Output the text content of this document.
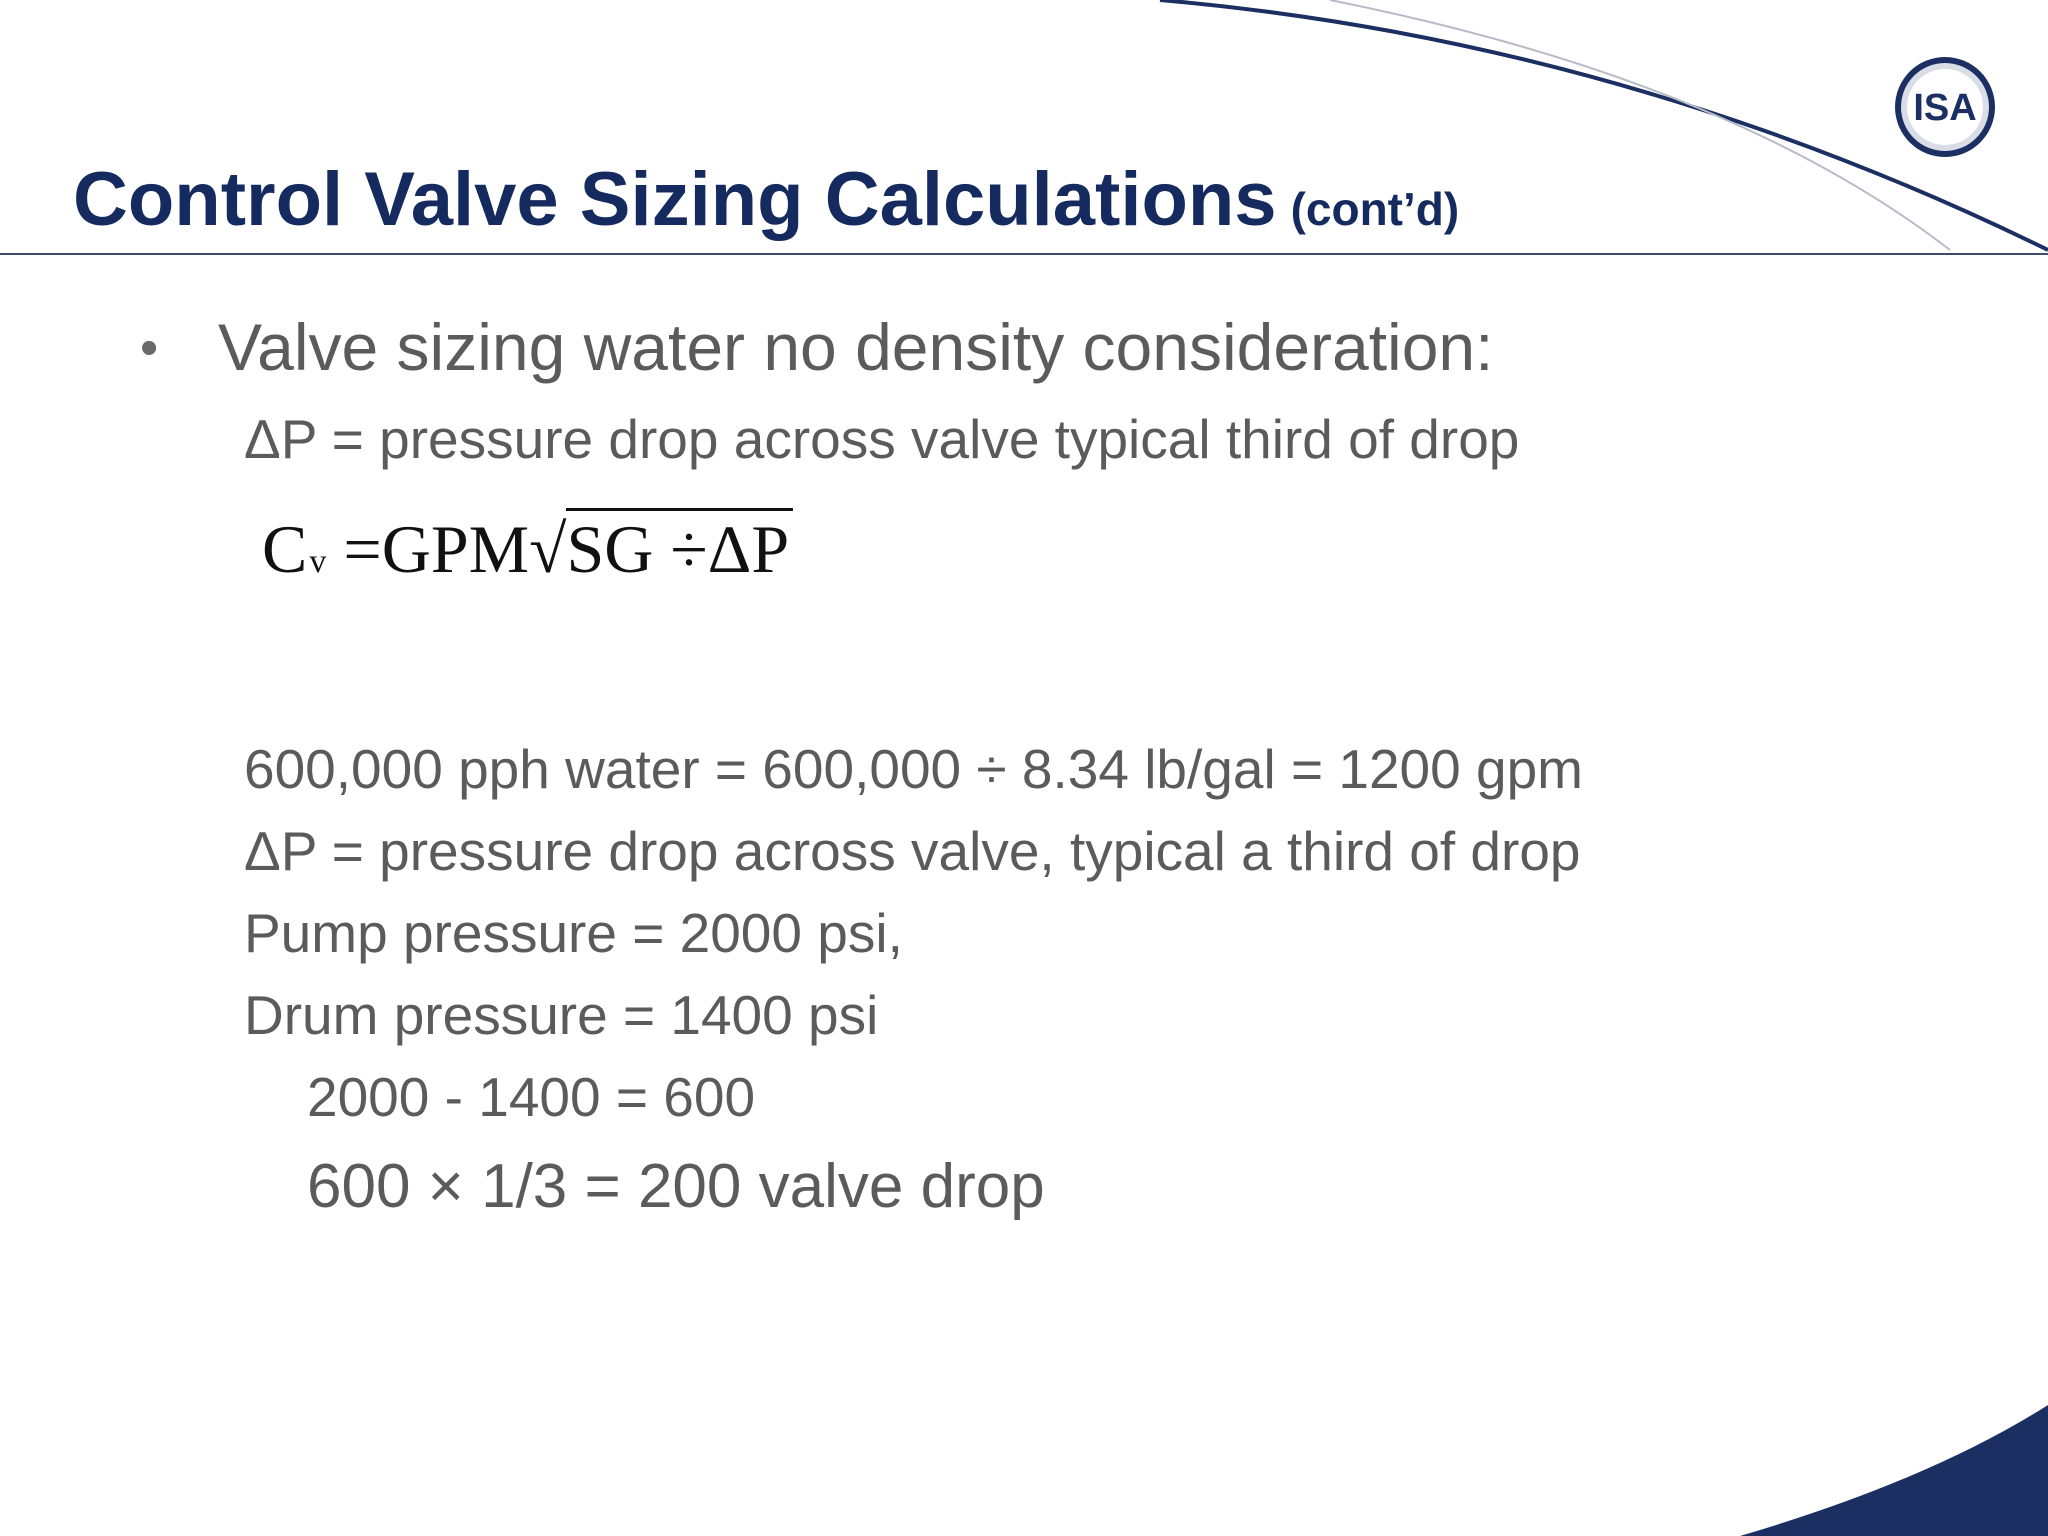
ISA
Control Valve Sizing Calculations (cont’d)
• Valve sizing water no density consideration:
ΔP = pressure drop across valve typical third of drop
Cv =GPM√SG ÷ΔP
600,000 pph water = 600,000 ÷ 8.34 lb/gal = 1200 gpm
ΔP = pressure drop across valve, typical a third of drop
Pump pressure = 2000 psi,
Drum pressure = 1400 psi
2000 - 1400 = 600
600 × 1/3 = 200 valve drop
